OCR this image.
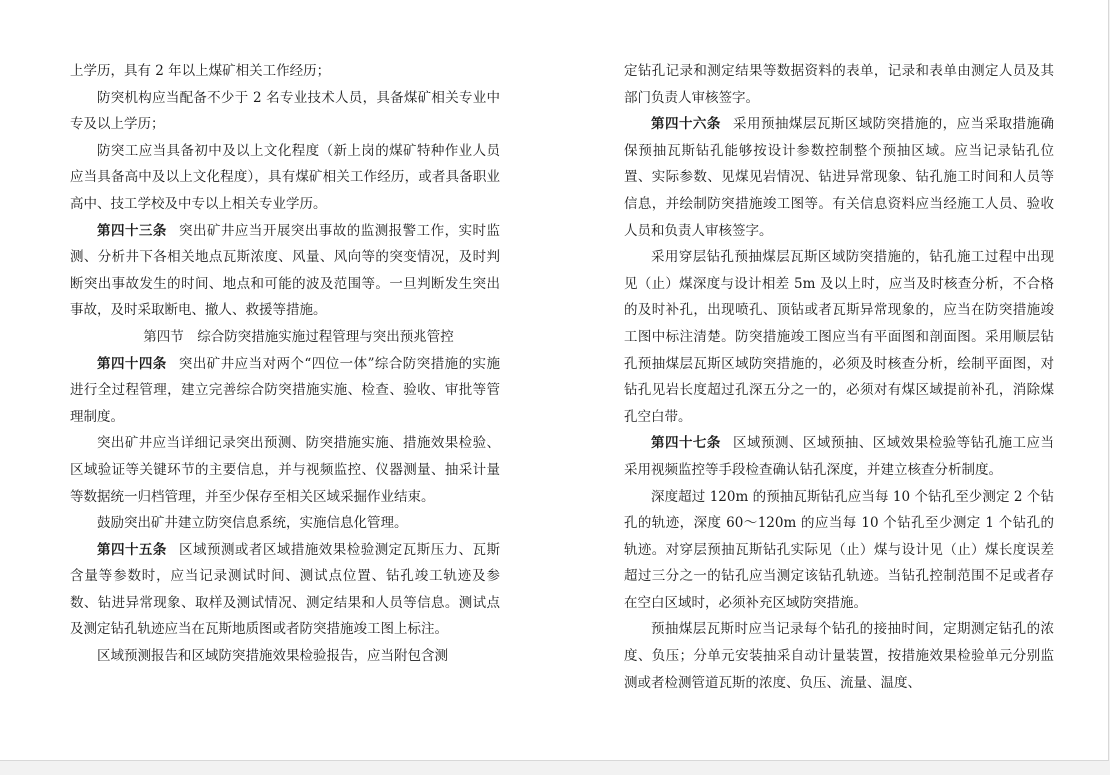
上学历，具有 2 年以上煤矿相关工作经历；

防突机构应当配备不少于 2 名专业技术人员，具备煤矿相关专业中专及以上学历；

防突工应当具备初中及以上文化程度（新上岗的煤矿特种作业人员应当具备高中及以上文化程度），具有煤矿相关工作经历，或者具备职业高中、技工学校及中专以上相关专业学历。

第四十三条 突出矿井应当开展突出事故的监测报警工作，实时监测、分析井下各相关地点瓦斯浓度、风量、风向等的突变情况，及时判断突出事故发生的时间、地点和可能的波及范围等。一旦判断发生突出事故，及时采取断电、撤人、救援等措施。

第四节 综合防突措施实施过程管理与突出预兆管控

第四十四条 突出矿井应当对两个“四位一体”综合防突措施的实施进行全过程管理，建立完善综合防突措施实施、检查、验收、审批等管理制度。

突出矿井应当详细记录突出预测、防突措施实施、措施效果检验、区域验证等关键环节的主要信息，并与视频监控、仪器测量、抽采计量等数据统一归档管理，并至少保存至相关区域采掘作业结束。

鼓励突出矿井建立防突信息系统，实施信息化管理。

第四十五条 区域预测或者区域措施效果检验测定瓦斯压力、瓦斯含量等参数时，应当记录测试时间、测试点位置、钻孔竣工轨迹及参数、钻进异常现象、取样及测试情况、测定结果和人员等信息。测试点及测定钻孔轨迹应当在瓦斯地质图或者防突措施竣工图上标注。

区域预测报告和区域防突措施效果检验报告，应当附包含测

定钻孔记录和测定结果等数据资料的表单，记录和表单由测定人员及其部门负责人审核签字。

第四十六条 采用预抽煤层瓦斯区域防突措施的，应当采取措施确保预抽瓦斯钻孔能够按设计参数控制整个预抽区域。应当记录钻孔位置、实际参数、见煤见岩情况、钻进异常现象、钻孔施工时间和人员等信息，并绘制防突措施竣工图等。有关信息资料应当经施工人员、验收人员和负责人审核签字。

采用穿层钻孔预抽煤层瓦斯区域防突措施的，钻孔施工过程中出现见（止）煤深度与设计相差 5m 及以上时，应当及时核查分析，不合格的及时补孔，出现喷孔、顶钻或者瓦斯异常现象的，应当在防突措施竣工图中标注清楚。防突措施竣工图应当有平面图和剖面图。采用顺层钻孔预抽煤层瓦斯区域防突措施的，必须及时核查分析，绘制平面图，对钻孔见岩长度超过孔深五分之一的，必须对有煤区域提前补孔，消除煤孔空白带。

第四十七条 区域预测、区域预抽、区域效果检验等钻孔施工应当采用视频监控等手段检查确认钻孔深度，并建立核查分析制度。

深度超过 120m 的预抽瓦斯钻孔应当每 10 个钻孔至少测定 2 个钻孔的轨迹，深度 60～120m 的应当每 10 个钻孔至少测定 1 个钻孔的轨迹。对穿层预抽瓦斯钻孔实际见（止）煤与设计见（止）煤长度误差超过三分之一的钻孔应当测定该钻孔轨迹。当钻孔控制范围不足或者存在空白区域时，必须补充区域防突措施。

预抽煤层瓦斯时应当记录每个钻孔的接抽时间，定期测定钻孔的浓度、负压；分单元安装抽采自动计量装置，按措施效果检验单元分别监测或者检测管道瓦斯的浓度、负压、流量、温度、
